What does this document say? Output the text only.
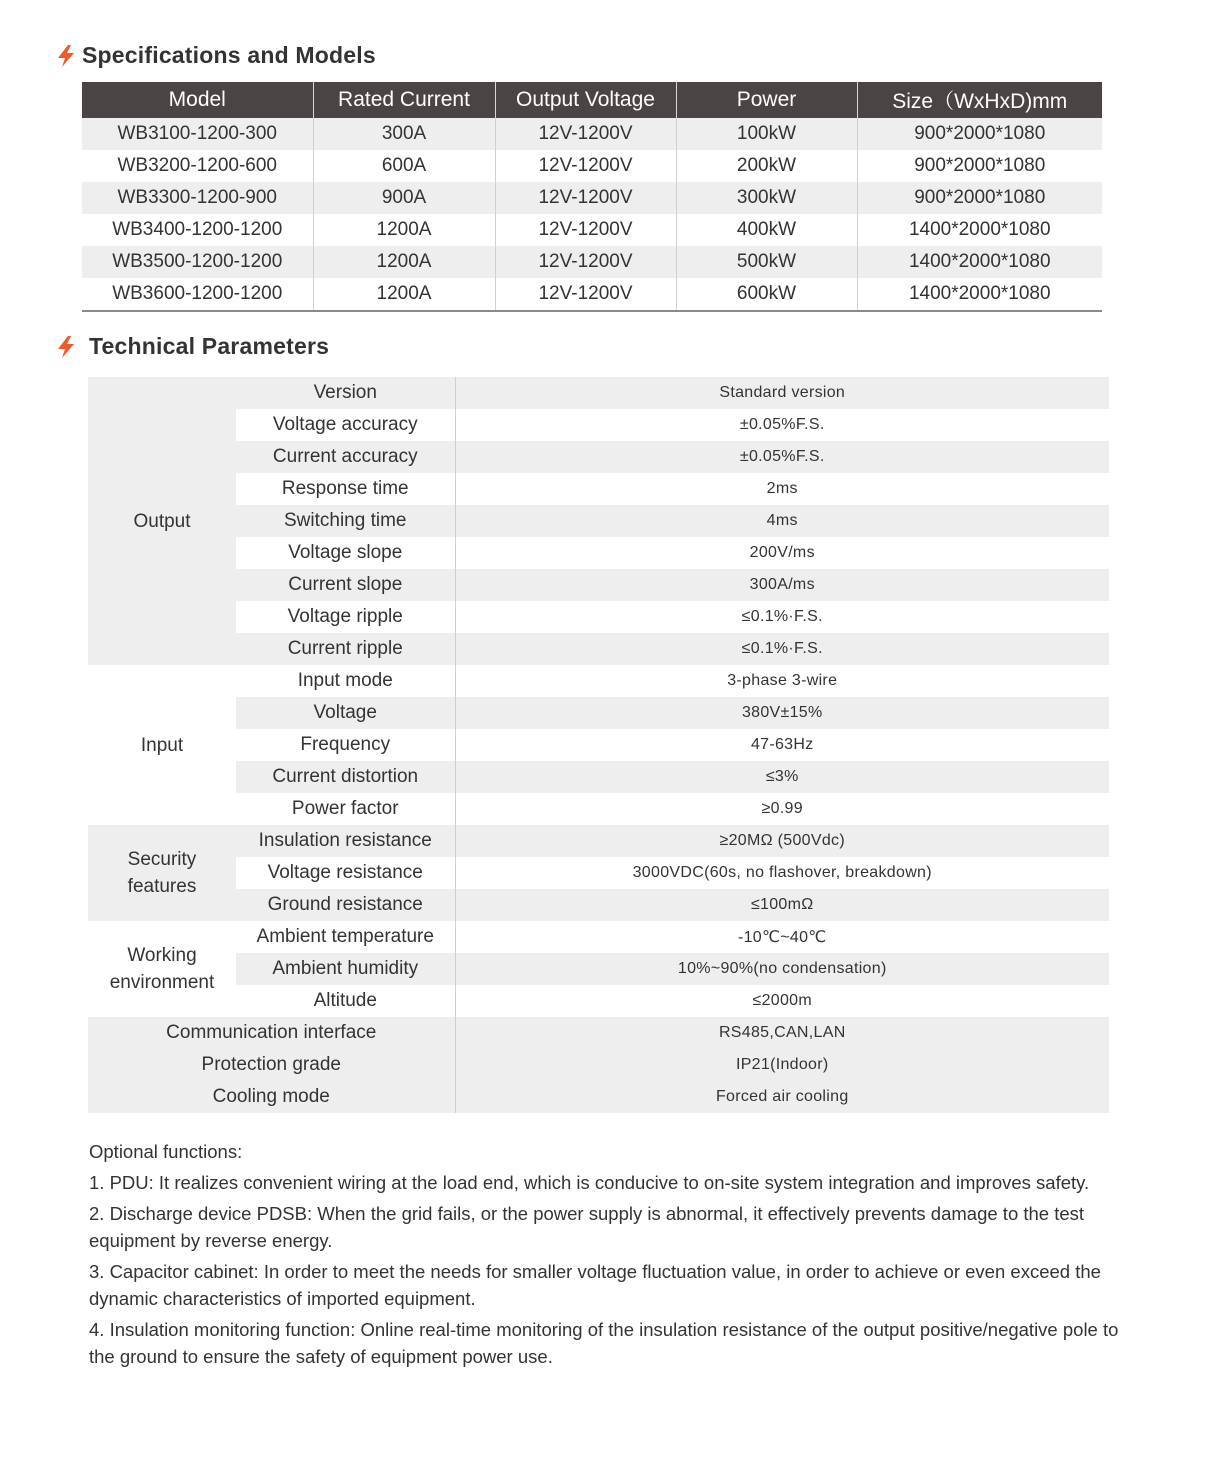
Specifications and Models
Model	Rated Current	Output Voltage	Power	Size（WxHxD)mm
WB3100-1200-300	300A	12V-1200V	100kW	900*2000*1080
WB3200-1200-600	600A	12V-1200V	200kW	900*2000*1080
WB3300-1200-900	900A	12V-1200V	300kW	900*2000*1080
WB3400-1200-1200	1200A	12V-1200V	400kW	1400*2000*1080
WB3500-1200-1200	1200A	12V-1200V	500kW	1400*2000*1080
WB3600-1200-1200	1200A	12V-1200V	600kW	1400*2000*1080
Technical Parameters
Output	Version	Standard version
	Voltage accuracy	±0.05%F.S.
	Current accuracy	±0.05%F.S.
	Response time	2ms
	Switching time	4ms
	Voltage slope	200V/ms
	Current slope	300A/ms
	Voltage ripple	≤0.1%·F.S.
	Current ripple	≤0.1%·F.S.
Input	Input mode	3-phase 3-wire
	Voltage	380V±15%
	Frequency	47-63Hz
	Current distortion	≤3%
	Power factor	≥0.99
Security features	Insulation resistance	≥20MΩ (500Vdc)
	Voltage resistance	3000VDC(60s, no flashover, breakdown)
	Ground resistance	≤100mΩ
Working environment	Ambient temperature	-10℃~40℃
	Ambient humidity	10%~90%(no condensation)
	Altitude	≤2000m
Communication interface		RS485,CAN,LAN
Protection grade		IP21(Indoor)
Cooling mode		Forced air cooling

Optional functions:

1. PDU: It realizes convenient wiring at the load end, which is conducive to on-site system integration and improves safety.

2. Discharge device PDSB: When the grid fails, or the power supply is abnormal, it effectively prevents damage to the test equipment by reverse energy.

3. Capacitor cabinet: In order to meet the needs for smaller voltage fluctuation value, in order to achieve or even exceed the dynamic characteristics of imported equipment.

4. Insulation monitoring function: Online real-time monitoring of the insulation resistance of the output positive/negative pole to the ground to ensure the safety of equipment power use.
